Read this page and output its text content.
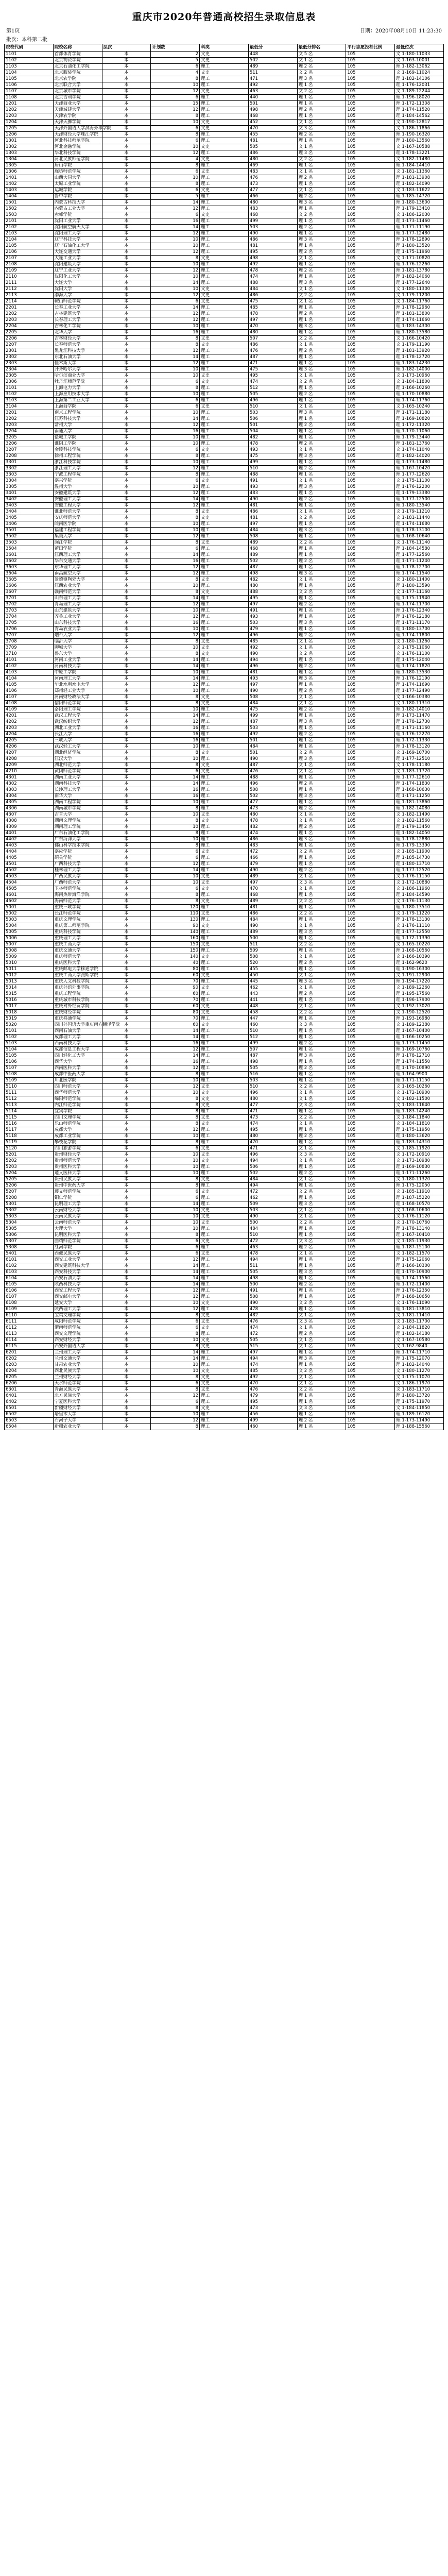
重庆市2020年普通高校招生录取信息表
第1页	日期：2020年08月10日 11:23:30
批次：本科第二批
院校代码	院校名称	层次	计划数	科类	最低分	最低分排名	平行志愿投档比例	最低位次
1101	首都体育学院	本	2	文史	448	文 5 名	105	文 1-180-11033
1102	北京物资学院	本	5	文史	502	文 1 名	105	文 1-163-10001
1103	北京石油化工学院	本	6	理工	489	理 2 名	105	理 1-182-13062
1104	北京服装学院	本	4	文史	511	文 2 名	105	文 1-169-11024
1105	北京农学院	本	8	理工	471	理 3 名	105	理 1-182-14106
1106	北京联合大学	本	10	理工	492	理 1 名	105	理 1-176-12031
1107	北京城市学院	本	12	文史	463	文 2 名	105	文 1-189-12244
1108	北京吉利学院	本	6	理工	440	理 1 名	105	理 1-196-18020
1201	天津商业大学	本	15	理工	501	理 1 名	105	理 1-172-11308
1202	天津城建大学	本	12	理工	498	理 2 名	105	理 1-174-11520
1203	天津农学院	本	8	理工	468	理 1 名	105	理 1-184-14562
1204	天津天狮学院	本	10	文史	452	文 1 名	105	文 1-190-12817
1205	天津外国语大学滨海外事学院	本	6	文史	470	文 3 名	105	文 1-186-11866
1206	天津财经大学珠江学院	本	8	理工	455	理 2 名	105	理 1-190-16320
1301	河北科技师范学院	本	6	理工	481	理 1 名	105	理 1-180-13560
1302	河北金融学院	本	10	文史	505	文 1 名	105	文 1-167-10588
1303	华北科技学院	本	12	理工	486	理 3 名	105	理 1-178-13221
1304	河北民族师范学院	本	4	文史	480	文 2 名	105	文 1-182-11480
1305	唐山学院	本	8	理工	469	理 1 名	105	理 1-184-14410
1306	廊坊师范学院	本	6	文史	483	文 1 名	105	文 1-181-11360
1401	山西大同大学	本	10	理工	476	理 2 名	105	理 1-181-13908
1402	太原工业学院	本	8	理工	473	理 1 名	105	理 1-182-14090
1403	运城学院	本	6	文史	477	文 1 名	105	文 1-183-11622
1404	晋中学院	本	5	理工	466	理 2 名	105	理 1-185-14720
1501	内蒙古科技大学	本	14	理工	480	理 3 名	105	理 1-180-13600
1502	内蒙古工业大学	本	12	理工	483	理 1 名	105	理 1-179-13410
1503	赤峰学院	本	6	文史	468	文 2 名	105	文 1-186-12030
2101	沈阳工业大学	本	16	理工	499	理 1 名	105	理 1-173-11460
2102	沈阳航空航天大学	本	14	理工	503	理 2 名	105	理 1-171-11190
2103	沈阳理工大学	本	12	理工	490	理 1 名	105	理 1-177-12480
2104	辽宁科技大学	本	10	理工	486	理 3 名	105	理 1-178-12890
2105	辽宁石油化工大学	本	10	理工	481	理 1 名	105	理 1-180-13520
2106	大连交通大学	本	12	理工	495	理 2 名	105	理 1-175-11960
2107	大连工业大学	本	8	文史	498	文 1 名	105	文 1-171-10820
2108	沈阳建筑大学	本	10	理工	492	理 1 名	105	理 1-176-12260
2109	辽宁工业大学	本	12	理工	478	理 2 名	105	理 1-181-13780
2110	沈阳化工大学	本	10	理工	474	理 1 名	105	理 1-182-14060
2111	大连大学	本	14	理工	488	理 3 名	105	理 1-177-12640
2112	沈阳大学	本	10	文史	484	文 1 名	105	文 1-180-11300
2113	渤海大学	本	12	文史	486	文 2 名	105	文 1-179-11200
2114	鞍山师范学院	本	6	文史	475	文 1 名	105	文 1-184-11760
2201	长春工业大学	本	14	理工	485	理 1 名	105	理 1-178-12960
2202	吉林建筑大学	本	12	理工	478	理 2 名	105	理 1-181-13800
2203	长春理工大学	本	12	理工	497	理 1 名	105	理 1-174-11660
2204	吉林化工学院	本	10	理工	470	理 3 名	105	理 1-183-14300
2205	北华大学	本	16	理工	480	理 1 名	105	理 1-180-13580
2206	吉林财经大学	本	8	文史	507	文 2 名	105	文 1-166-10420
2207	长春师范大学	本	8	文史	486	文 1 名	105	文 1-179-11190
2301	黑龙江科技大学	本	12	理工	476	理 2 名	105	理 1-181-13920
2302	东北石油大学	本	14	理工	487	理 1 名	105	理 1-178-12720
2303	佳木斯大学	本	12	理工	471	理 1 名	105	理 1-183-14230
2304	齐齐哈尔大学	本	10	理工	475	理 3 名	105	理 1-182-14000
2305	哈尔滨商业大学	本	10	文史	495	文 1 名	105	文 1-173-10960
2306	牡丹江师范学院	本	6	文史	474	文 2 名	105	文 1-184-11800
3101	上海电力大学	本	8	理工	512	理 1 名	105	理 1-166-10260
3102	上海应用技术大学	本	10	理工	505	理 2 名	105	理 1-170-10880
3103	上海第二工业大学	本	6	理工	496	理 1 名	105	理 1-174-11760
3104	上海商学院	本	6	文史	510	文 1 名	105	文 1-165-10240
3201	南京工程学院	本	10	理工	503	理 3 名	105	理 1-171-11180
3202	江苏科技大学	本	14	理工	506	理 1 名	105	理 1-169-10820
3203	常州大学	本	12	理工	501	理 2 名	105	理 1-172-11320
3204	南通大学	本	16	理工	504	理 1 名	105	理 1-170-11060
3205	盐城工学院	本	10	理工	482	理 1 名	105	理 1-179-13440
3206	淮阴工学院	本	10	理工	478	理 2 名	105	理 1-181-13760
3207	金陵科技学院	本	6	文史	493	文 1 名	105	文 1-174-11040
3208	徐州工程学院	本	8	理工	475	理 3 名	105	理 1-182-14020
3301	浙江科技学院	本	10	理工	499	理 1 名	105	理 1-173-11480
3302	浙江理工大学	本	12	理工	510	理 2 名	105	理 1-167-10420
3303	宁波工程学院	本	8	理工	488	理 1 名	105	理 1-177-12620
3304	嘉兴学院	本	6	文史	491	文 1 名	105	文 1-175-11100
3305	温州大学	本	10	理工	493	理 3 名	105	理 1-176-12200
3401	安徽建筑大学	本	12	理工	483	理 1 名	105	理 1-179-13380
3402	安徽理工大学	本	14	理工	490	理 2 名	105	理 1-177-12500
3403	安徽工程大学	本	12	理工	481	理 1 名	105	理 1-180-13540
3404	淮北师范大学	本	8	文史	486	文 1 名	105	文 1-179-11210
3405	安庆师范大学	本	8	文史	481	文 2 名	105	文 1-181-11440
3406	皖南医学院	本	10	理工	497	理 1 名	105	理 1-174-11680
3501	福建工程学院	本	10	理工	484	理 3 名	105	理 1-178-13100
3502	集美大学	本	12	理工	508	理 1 名	105	理 1-168-10640
3503	闽江学院	本	8	文史	489	文 2 名	105	文 1-176-11140
3504	莆田学院	本	6	理工	468	理 1 名	105	理 1-184-14580
3601	江西理工大学	本	14	理工	489	理 1 名	105	理 1-177-12560
3602	华东交通大学	本	16	理工	502	理 2 名	105	理 1-171-11240
3603	东华理工大学	本	12	理工	487	理 1 名	105	理 1-178-12700
3604	南昌航空大学	本	12	理工	498	理 3 名	105	理 1-174-11540
3605	景德镇陶瓷大学	本	8	文史	482	文 1 名	105	文 1-180-11400
3606	江西农业大学	本	10	理工	480	理 1 名	105	理 1-180-13590
3607	赣南师范大学	本	8	文史	488	文 2 名	105	文 1-177-11160
3701	山东理工大学	本	14	理工	495	理 1 名	105	理 1-175-11940
3702	青岛理工大学	本	12	理工	497	理 2 名	105	理 1-174-11700
3703	山东建筑大学	本	10	理工	491	理 1 名	105	理 1-176-12340
3704	齐鲁工业大学	本	12	理工	493	理 1 名	105	理 1-176-12180
3705	山东科技大学	本	16	理工	503	理 3 名	105	理 1-171-11170
3706	青岛农业大学	本	10	理工	479	理 1 名	105	理 1-180-13700
3707	烟台大学	本	12	理工	496	理 2 名	105	理 1-174-11800
3708	临沂大学	本	8	文史	485	文 1 名	105	文 1-180-11260
3709	聊城大学	本	10	文史	492	文 1 名	105	文 1-175-11060
3710	鲁东大学	本	8	文史	490	文 2 名	105	文 1-176-11100
4101	河南工业大学	本	14	理工	494	理 1 名	105	理 1-175-12040
4102	河南科技大学	本	14	理工	496	理 2 名	105	理 1-174-11820
4103	中原工学院	本	10	理工	481	理 1 名	105	理 1-180-13530
4104	河南理工大学	本	14	理工	493	理 3 名	105	理 1-176-12190
4105	华北水利水电大学	本	12	理工	497	理 1 名	105	理 1-174-11690
4106	郑州轻工业大学	本	10	理工	490	理 2 名	105	理 1-177-12490
4107	河南财经政法大学	本	8	文史	508	文 1 名	105	文 1-166-10380
4108	信阳师范学院	本	8	文史	484	文 1 名	105	文 1-180-11310
4109	洛阳理工学院	本	10	理工	475	理 2 名	105	理 1-182-14010
4201	武汉工程大学	本	14	理工	499	理 1 名	105	理 1-173-11470
4202	武汉纺织大学	本	12	理工	487	理 3 名	105	理 1-178-12730
4203	湖北工业大学	本	16	理工	503	理 1 名	105	理 1-171-11160
4204	长江大学	本	16	理工	492	理 2 名	105	理 1-176-12270
4205	三峡大学	本	16	理工	501	理 1 名	105	理 1-172-11330
4206	武汉轻工大学	本	10	理工	484	理 1 名	105	理 1-178-13120
4207	湖北经济学院	本	8	文史	501	文 2 名	105	文 1-169-10700
4208	江汉大学	本	10	理工	490	理 3 名	105	理 1-177-12510
4209	湖北师范大学	本	8	文史	487	文 1 名	105	文 1-178-11180
4210	黄冈师范学院	本	6	文史	476	文 1 名	105	文 1-183-11720
4301	湖南工业大学	本	14	理工	488	理 1 名	105	理 1-177-12610
4302	湖南科技大学	本	14	理工	496	理 2 名	105	理 1-174-11830
4303	长沙理工大学	本	16	理工	508	理 1 名	105	理 1-168-10630
4304	南华大学	本	16	理工	502	理 3 名	105	理 1-171-11250
4305	湖南工程学院	本	10	理工	477	理 1 名	105	理 1-181-13860
4306	湖南城市学院	本	8	理工	473	理 2 名	105	理 1-182-14080
4307	吉首大学	本	10	文史	480	文 1 名	105	文 1-182-11490
4308	湖南文理学院	本	8	文史	478	文 1 名	105	文 1-182-11560
4309	湖南理工学院	本	10	理工	482	理 2 名	105	理 1-179-13450
4401	广东石油化工学院	本	8	理工	474	理 1 名	105	理 1-182-14050
4402	广东海洋大学	本	10	理工	486	理 3 名	105	理 1-178-12880
4403	佛山科学技术学院	本	8	理工	483	理 1 名	105	理 1-179-13390
4404	嘉应学院	本	6	文史	472	文 2 名	105	文 1-185-11900
4405	韶关学院	本	6	理工	466	理 1 名	105	理 1-185-14730
4501	广西科技大学	本	12	理工	479	理 1 名	105	理 1-180-13710
4502	桂林理工大学	本	14	理工	490	理 2 名	105	理 1-177-12520
4503	广西民族大学	本	10	文史	489	文 1 名	105	文 1-176-11150
4504	广西师范大学	本	10	文史	497	文 3 名	105	文 1-172-10880
4505	玉林师范学院	本	6	文史	470	文 1 名	105	文 1-186-11960
4601	海南热带海洋学院	本	8	理工	468	理 1 名	105	理 1-184-14590
4602	海南师范大学	本	8	文史	489	文 2 名	105	文 1-176-11130
5001	重庆三峡学院	本	120	理工	481	理 1 名	105	理 1-180-13510
5002	长江师范学院	本	110	文史	486	文 2 名	105	文 1-179-11220
5003	重庆文理学院	本	130	理工	484	理 1 名	105	理 1-178-13130
5004	重庆第二师范学院	本	90	文史	490	文 1 名	105	文 1-176-11110
5005	重庆科技学院	本	140	理工	489	理 3 名	105	理 1-177-12550
5006	重庆理工大学	本	160	理工	500	理 1 名	105	理 1-172-11390
5007	重庆工商大学	本	150	文史	511	文 2 名	105	文 1-165-10220
5008	重庆交通大学	本	150	理工	509	理 1 名	105	理 1-168-10560
5009	重庆师范大学	本	140	文史	508	文 1 名	105	文 1-166-10390
5010	重庆医科大学	本	40	理工	520	理 2 名	105	理 1-162-9620
5011	重庆邮电大学移通学院	本	80	理工	455	理 1 名	105	理 1-190-16300
5012	重庆工商大学派斯学院	本	60	文史	450	文 1 名	105	文 1-191-12900
5013	重庆人文科技学院	本	70	理工	445	理 3 名	105	理 1-194-17220
5014	重庆外语外事学院	本	90	文史	462	文 1 名	105	文 1-189-12260
5015	重庆工程学院	本	60	理工	443	理 2 名	105	理 1-195-17560
5016	重庆城市科技学院	本	70	理工	441	理 1 名	105	理 1-196-17900
5017	重庆对外经贸学院	本	60	文史	448	文 1 名	105	文 1-192-13020
5018	重庆财经学院	本	80	文史	458	文 2 名	105	文 1-190-12520
5019	重庆移通学院	本	70	理工	447	理 1 名	105	理 1-193-16980
5020	四川外国语大学重庆南方翻译学院	本	60	文史	460	文 3 名	105	文 1-189-12380
5101	西南石油大学	本	14	理工	510	理 1 名	105	理 1-167-10400
5102	成都理工大学	本	14	理工	512	理 1 名	105	理 1-166-10250
5103	西南科技大学	本	16	理工	499	理 2 名	105	理 1-173-11450
5104	成都信息工程大学	本	12	理工	507	理 1 名	105	理 1-169-10760
5105	四川轻化工大学	本	14	理工	487	理 3 名	105	理 1-178-12710
5106	西华大学	本	16	理工	498	理 1 名	105	理 1-174-11550
5107	西南医科大学	本	12	理工	505	理 2 名	105	理 1-170-10890
5108	成都中医药大学	本	8	理工	516	理 1 名	105	理 1-164-9900
5109	川北医学院	本	10	理工	503	理 1 名	105	理 1-171-11150
5110	四川师范大学	本	12	文史	510	文 2 名	105	文 1-165-10260
5111	西华师范大学	本	10	文史	496	文 1 名	105	文 1-172-10900
5112	绵阳师范学院	本	8	文史	480	文 1 名	105	文 1-182-11500
5113	内江师范学院	本	8	文史	477	文 3 名	105	文 1-183-11640
5114	宜宾学院	本	8	理工	471	理 1 名	105	理 1-183-14240
5115	四川文理学院	本	8	文史	473	文 2 名	105	文 1-184-11840
5116	乐山师范学院	本	8	文史	474	文 1 名	105	文 1-184-11810
5117	成都大学	本	12	理工	495	理 1 名	105	理 1-175-11950
5118	成都工业学院	本	10	理工	480	理 2 名	105	理 1-180-13620
5119	攀枝花学院	本	8	理工	470	理 1 名	105	理 1-183-14310
5120	四川旅游学院	本	6	文史	471	文 1 名	105	文 1-185-11920
5201	贵州财经大学	本	10	文史	496	文 3 名	105	文 1-172-10910
5202	贵州师范大学	本	10	文史	494	文 1 名	105	文 1-173-10980
5203	贵州医科大学	本	10	理工	506	理 1 名	105	理 1-169-10830
5204	遵义医科大学	本	10	理工	502	理 2 名	105	理 1-171-11260
5205	贵州民族大学	本	8	文史	484	文 1 名	105	文 1-180-11320
5206	贵州中医药大学	本	8	理工	494	理 1 名	105	理 1-175-12050
5207	遵义师范学院	本	6	文史	472	文 2 名	105	文 1-185-11910
5208	铜仁学院	本	6	理工	462	理 1 名	105	理 1-187-15220
5301	昆明理工大学	本	14	理工	509	理 3 名	105	理 1-168-10570
5302	云南财经大学	本	10	文史	503	文 1 名	105	文 1-168-10600
5303	云南民族大学	本	10	文史	490	文 1 名	105	文 1-176-11120
5304	云南师范大学	本	10	文史	500	文 2 名	105	文 1-170-10760
5305	大理大学	本	10	理工	484	理 1 名	105	理 1-178-13140
5306	昆明医科大学	本	8	理工	510	理 1 名	105	理 1-167-10410
5307	曲靖师范学院	本	6	文史	472	文 3 名	105	文 1-185-11930
5308	红河学院	本	6	理工	463	理 2 名	105	理 1-187-15100
5401	西藏民族大学	本	6	文史	478	文 1 名	105	文 1-182-11570
6101	西安工业大学	本	12	理工	494	理 1 名	105	理 1-175-12060
6102	西安建筑科技大学	本	14	理工	511	理 1 名	105	理 1-166-10300
6103	西安科技大学	本	14	理工	505	理 3 名	105	理 1-170-10900
6104	西安石油大学	本	14	理工	498	理 1 名	105	理 1-174-11560
6105	陕西科技大学	本	14	理工	500	理 2 名	105	理 1-172-11400
6106	西安工程大学	本	12	理工	491	理 1 名	105	理 1-176-12350
6107	西安邮电大学	本	12	理工	508	理 1 名	105	理 1-168-10650
6108	延安大学	本	10	文史	490	文 2 名	105	文 1-176-11090
6109	陕西理工大学	本	12	理工	478	理 1 名	105	理 1-181-13810
6110	宝鸡文理学院	本	8	文史	482	文 1 名	105	文 1-181-11410
6111	咸阳师范学院	本	6	文史	476	文 3 名	105	文 1-183-11700
6112	渭南师范学院	本	6	文史	474	文 1 名	105	文 1-184-11820
6113	西安文理学院	本	8	理工	472	理 2 名	105	理 1-182-14180
6114	西安财经大学	本	10	文史	505	文 1 名	105	文 1-167-10580
6115	西安外国语大学	本	8	文史	515	文 1 名	105	文 1-162-9840
6201	兰州理工大学	本	14	理工	497	理 1 名	105	理 1-174-11710
6202	兰州交通大学	本	14	理工	494	理 3 名	105	理 1-175-12070
6203	甘肃农业大学	本	10	理工	474	理 1 名	105	理 1-182-14040
6204	西北民族大学	本	10	文史	485	文 2 名	105	文 1-180-11270
6205	兰州财经大学	本	8	文史	492	文 1 名	105	文 1-175-11070
6206	天水师范学院	本	6	文史	470	文 1 名	105	文 1-186-11970
6301	青海民族大学	本	8	文史	476	文 2 名	105	文 1-183-11710
6401	北方民族大学	本	12	理工	479	理 1 名	105	理 1-180-13720
6402	宁夏医科大学	本	6	理工	495	理 1 名	105	理 1-175-11970
6501	新疆财经大学	本	8	文史	473	文 3 名	105	文 1-184-11850
6502	塔里木大学	本	10	理工	456	理 1 名	105	理 1-189-16120
6503	石河子大学	本	12	理工	499	理 2 名	105	理 1-173-11490
6504	新疆农业大学	本	8	理工	460	理 1 名	105	理 1-188-15560
